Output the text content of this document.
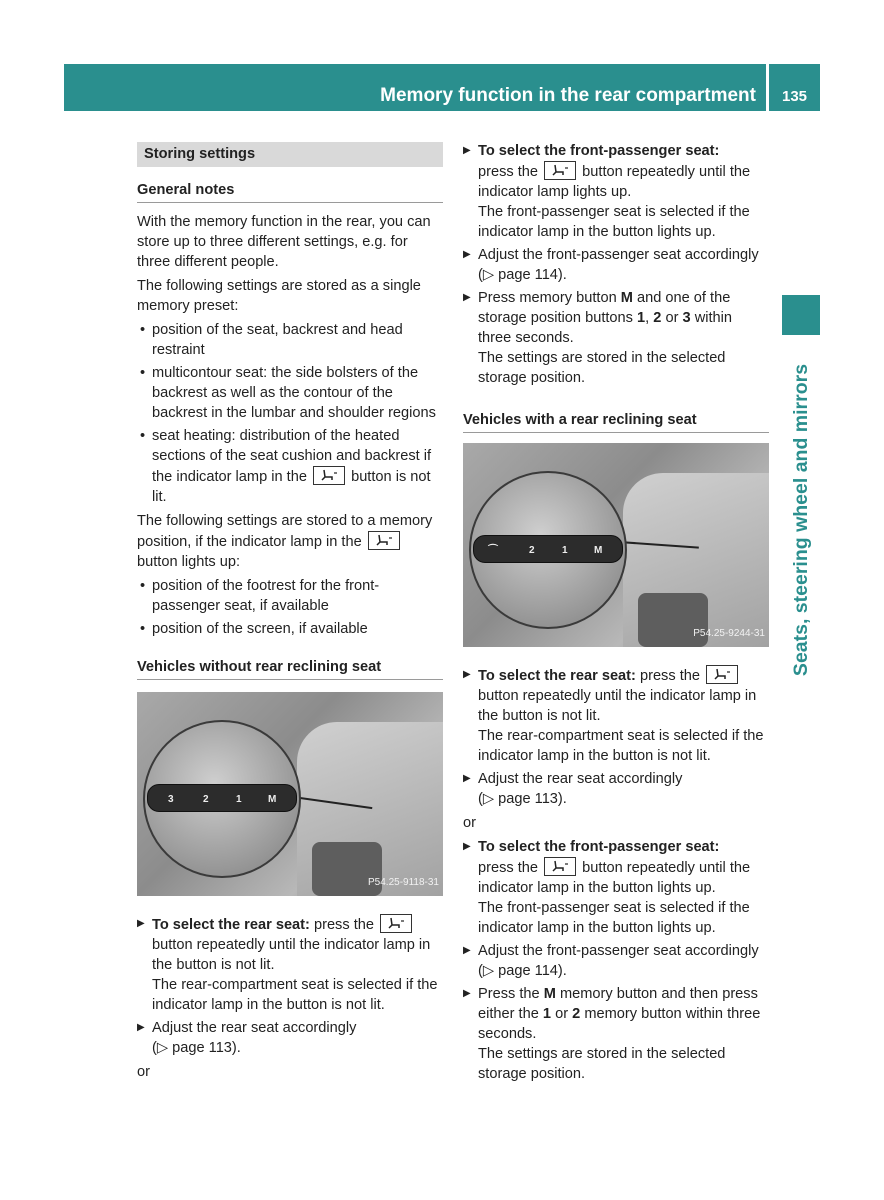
Memory function in the rear compartment 135
Seats, steering wheel and mirrors
Storing settings
General notes

With the memory function in the rear, you can store up to three different settings, e.g. for three different people.

The following settings are stored as a single memory preset:

• position of the seat, backrest and head restraint
• multicontour seat: the side bolsters of the backrest as well as the contour of the backrest in the lumbar and shoulder regions
• seat heating: distribution of the heated sections of the seat cushion and backrest if the indicator lamp in the	button is not lit.

The following settings are stored to a memory position, if the indicator lamp in the

button lights up:

• position of the footrest for the front-passenger seat, if available
• position of the screen, if available
Vehicles without rear reclining seat
3	2	1	M
P54.25-9118-31
▶ To select the rear seat: press the
button repeatedly until the indicator lamp in the button is not lit.
The rear-compartment seat is selected if the indicator lamp in the button is not lit.
▶ Adjust the rear seat accordingly
(▷ page 113).
or
▶ To select the front-passenger seat:
press the	button repeatedly until the indicator lamp lights up.
The front-passenger seat is selected if the indicator lamp in the button lights up.
▶ Adjust the front-passenger seat accordingly (▷ page 114).
▶ Press memory button M and one of the storage position buttons 1, 2 or 3 within three seconds.
The settings are stored in the selected storage position.
Vehicles with a rear reclining seat
⌒	2	1	M
P54.25-9244-31
▶ To select the rear seat: press the
button repeatedly until the indicator lamp in the button is not lit.
The rear-compartment seat is selected if the indicator lamp in the button is not lit.
▶ Adjust the rear seat accordingly
(▷ page 113).
or
▶ To select the front-passenger seat:
press the	button repeatedly until the indicator lamp in the button lights up.
The front-passenger seat is selected if the indicator lamp in the button lights up.
▶ Adjust the front-passenger seat accordingly (▷ page 114).
▶ Press the M memory button and then press either the 1 or 2 memory button within three seconds.
The settings are stored in the selected storage position.
